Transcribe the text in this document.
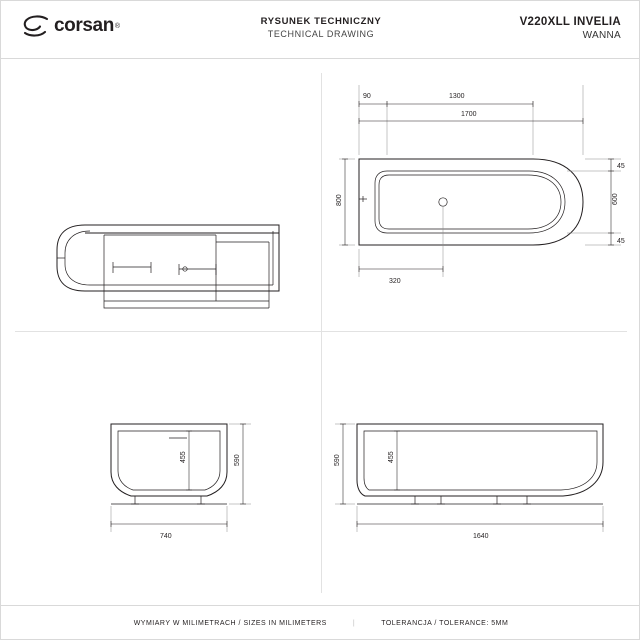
corsan ®	RYSUNEK TECHNICZNY
TECHNICAL DRAWING
V220XLL INVELIA
WANNA
90	1300
1700
800
45
600
45
320
455	590
740
455
590
1640
WYMIARY W MILIMETRACH / SIZES IN MILIMETERS	|	TOLERANCJA / TOLERANCE: 5MM
